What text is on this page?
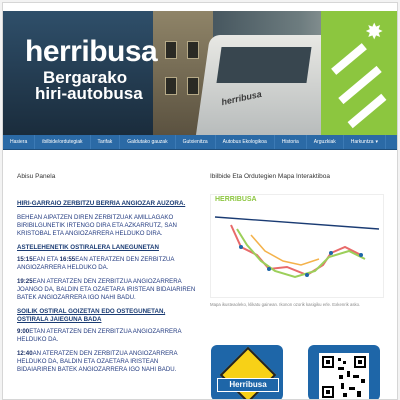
herribusa
✸
herribusa
Bergarako
hiri-autobusa
Hasiera	ibilbide/ordutegiak	Tarifak	Galdutako gauzak	Gutxienitza	Autobus Ekologikoa	Historia	Arguzkiak	Harkuntza ▾
Abisu Panela
HIRI-GARRAIO ZERBITZU BERRIA ANGIOZAR AUZORA.
BEHEAN AIPATZEN DIREN ZERBITZUAK AMILLAGAKO BIRIBILGUNETIK IRTENGO DIRA ETA AZKARRUTZ, SAN KRISTOBAL ETA ANGIOZARRERA HELDUKO DIRA.
ASTELEHENETIK OSTIRALERA LANEGUNETAN
15:15EAN ETA 16:55EAN ATERATZEN DEN ZERBITZUA ANGIOZARRERA HELDUKO DA.
19:25EAN ATERATZEN DEN ZERBITZUA ANGIOZARRERA JOANGO DA, BALDIN ETA OZAETARA IRISTEAN BIDAIARIREN BATEK ANGIOZARRERA IGO NAHI BADU.
SOILIK OSTIRAL GOIZETAN EDO OSTEGUNETAN, OSTIRALA JAIEGUNA BADA
9:00ETAN ATERATZEN DEN ZERBITZUA ANGIOZARRERA HELDUKO DA.
12:40AN ATERATZEN DEN ZERBITZUA ANGIOZARRERA HELDUKO DA, BALDIN ETA OZAETARA IRISTEAN BIDAIARIREN BATEK ANGIOZARRERA IGO NAHI BADU.
Ibilbide Eta Ordutegien Mapa Interaktiboa
HERRIBUSA
Mapa ikusteaoleko, klikatu gainean. Ikonon ozorik kasigiku erle. Exkenrik asko.
Herribusa
